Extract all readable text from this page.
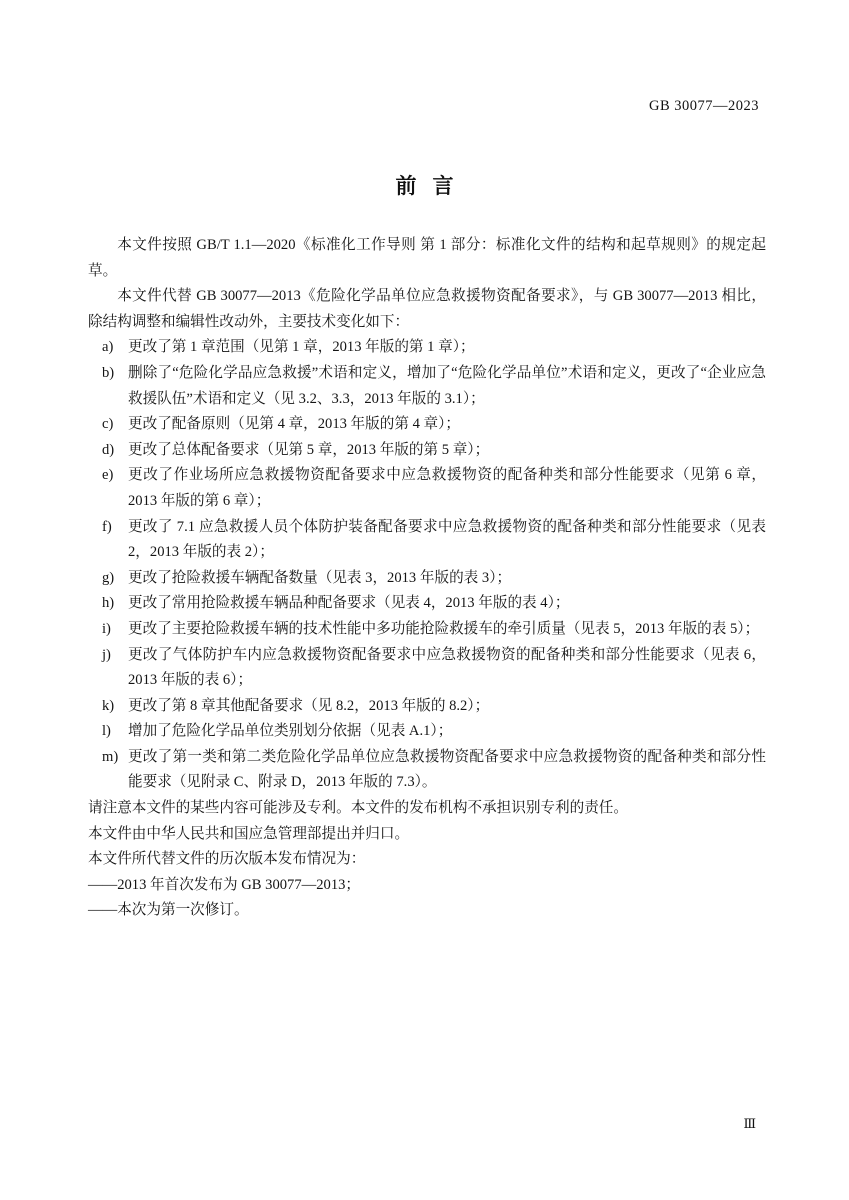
GB 30077—2023
前言

本文件按照 GB/T 1.1—2020《标准化工作导则 第 1 部分：标准化文件的结构和起草规则》的规定起草。

本文件代替 GB 30077—2013《危险化学品单位应急救援物资配备要求》，与 GB 30077—2013 相比，除结构调整和编辑性改动外，主要技术变化如下：

a)	更改了第 1 章范围（见第 1 章，2013 年版的第 1 章）；
b) 删除了“危险化学品应急救援”术语和定义，增加了“危险化学品单位”术语和定义，更改了“企业应急救援队伍”术语和定义（见 3.2、3.3，2013 年版的 3.1）；
c)	更改了配备原则（见第 4 章，2013 年版的第 4 章）；
d) 更改了总体配备要求（见第 5 章，2013 年版的第 5 章）；
e)	更改了作业场所应急救援物资配备要求中应急救援物资的配备种类和部分性能要求（见第 6 章，2013 年版的第 6 章）；
f)	更改了 7.1 应急救援人员个体防护装备配备要求中应急救援物资的配备种类和部分性能要求（见表 2，2013 年版的表 2）；
g) 更改了抢险救援车辆配备数量（见表 3，2013 年版的表 3）；
h) 更改了常用抢险救援车辆品种配备要求（见表 4，2013 年版的表 4）；
i)	更改了主要抢险救援车辆的技术性能中多功能抢险救援车的牵引质量（见表 5，2013 年版的表 5）；
j)	更改了气体防护车内应急救援物资配备要求中应急救援物资的配备种类和部分性能要求（见表 6，2013 年版的表 6）；
k) 更改了第 8 章其他配备要求（见 8.2，2013 年版的 8.2）；
l)	增加了危险化学品单位类别划分依据（见表 A.1）；
m) 更改了第一类和第二类危险化学品单位应急救援物资配备要求中应急救援物资的配备种类和部分性能要求（见附录 C、附录 D，2013 年版的 7.3）。

请注意本文件的某些内容可能涉及专利。本文件的发布机构不承担识别专利的责任。

本文件由中华人民共和国应急管理部提出并归口。

本文件所代替文件的历次版本发布情况为：

——2013 年首次发布为 GB 30077—2013；

——本次为第一次修订。

Ⅲ
